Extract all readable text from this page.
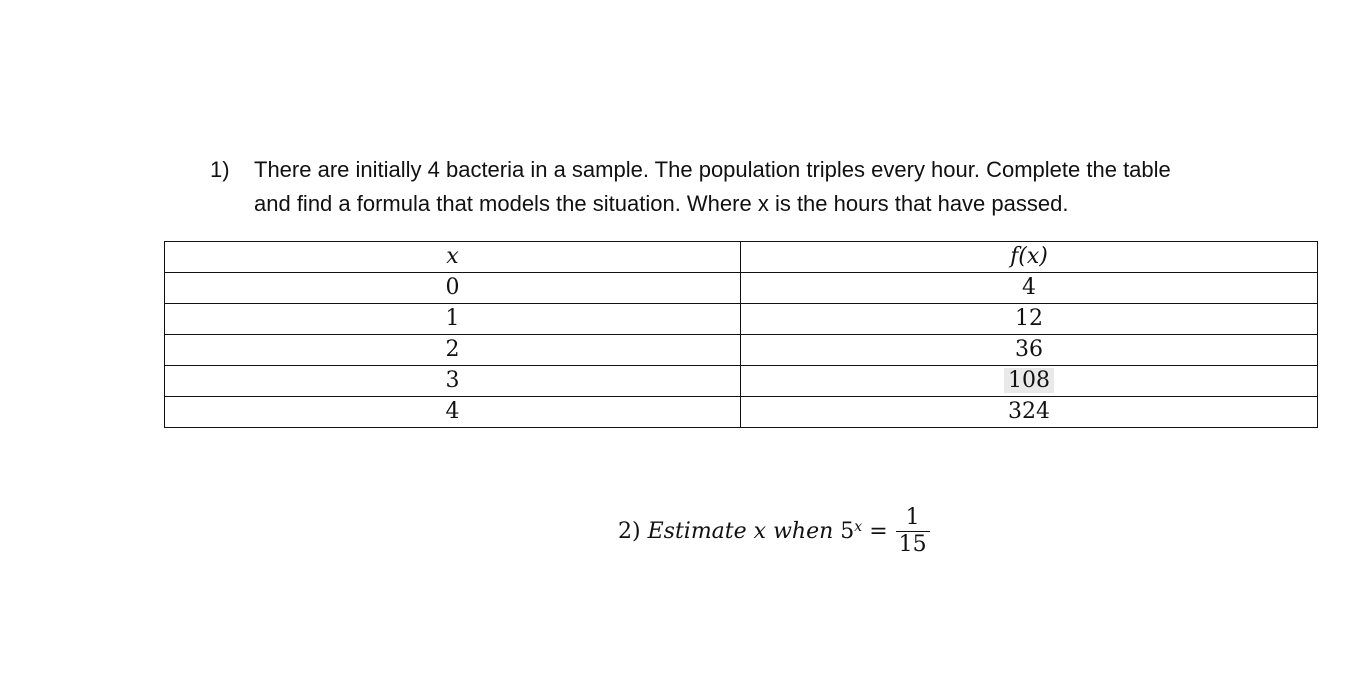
1)	There are initially 4 bacteria in a sample. The population triples every hour. Complete the table
and find a formula that models the situation. Where x is the hours that have passed.
x	f(x)
0	4
1	12
2	36
3	108
4	324
2) Estimate x when $5^x = \frac{1}{15}$
